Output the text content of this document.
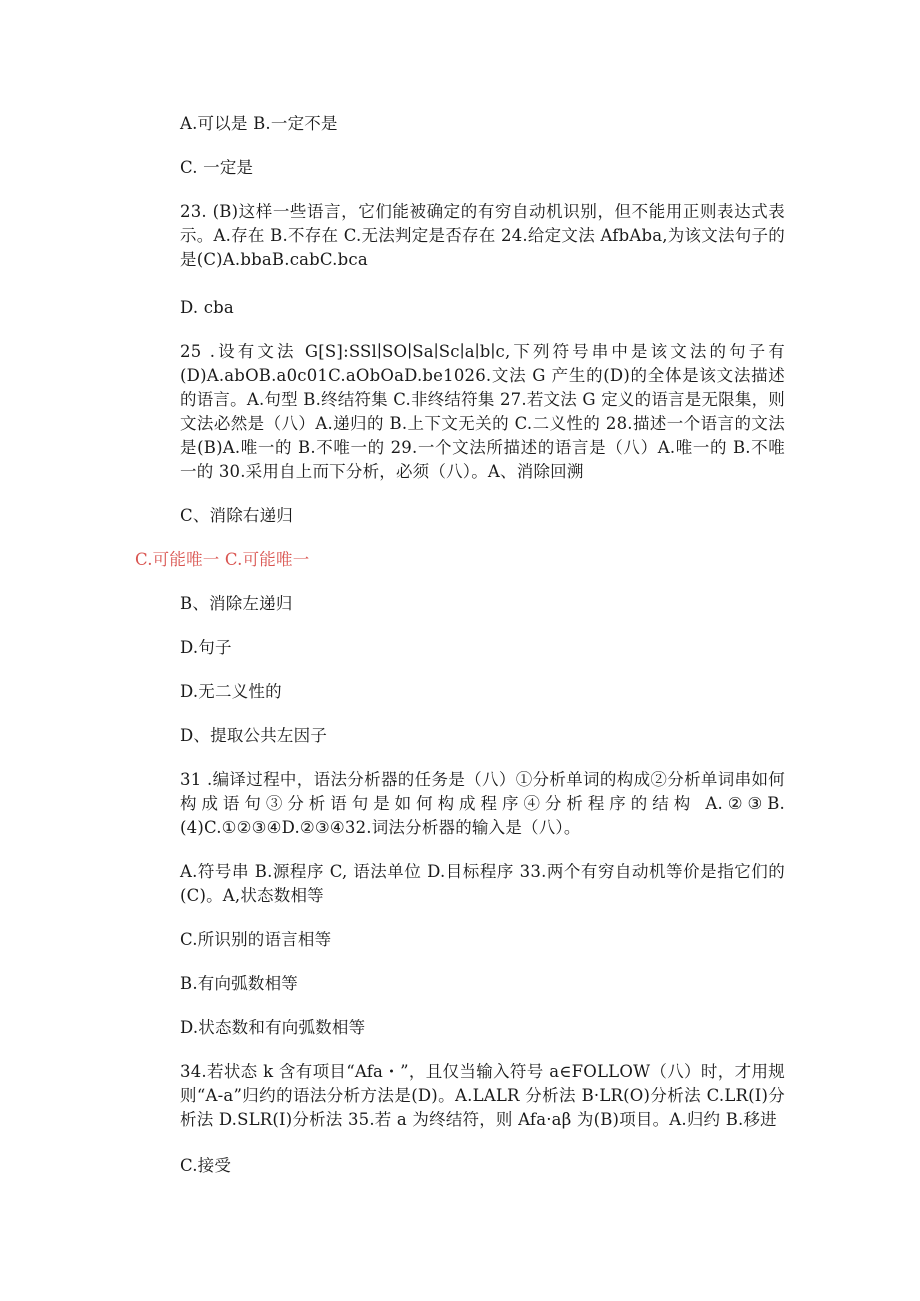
A.可以是 B.一定不是
C. 一定是
23. (B)这样一些语言，它们能被确定的有穷自动机识别，但不能用正则表达式表示。A.存在 B.不存在 C.无法判定是否存在 24.给定文法 AfbAba,为该文法句子的是(C)A.bbaB.cabC.bca
D. cba
25 .设有文法 G[S]:SSl∣SO∣Sa∣Sc∣a∣b∣c,下列符号串中是该文法的句子有(D)A.abOB.a0c01C.aObOaD.be1026.文法 G 产生的(D)的全体是该文法描述的语言。A.句型 B.终结符集 C.非终结符集 27.若文法 G 定义的语言是无限集，则文法必然是（八）A.递归的 B.上下文无关的 C.二义性的 28.描述一个语言的文法是(B)A.唯一的 B.不唯一的 29.一个文法所描述的语言是（八）A.唯一的 B.不唯一的 30.采用自上而下分析，必须（八）。A、消除回溯
C、消除右递归
C.可能唯一 C.可能唯一
B、消除左递归
D.句子
D.无二义性的
D、提取公共左因子
31 .编译过程中，语法分析器的任务是（八）①分析单词的构成②分析单词串如何构成语句③分析语句是如何构成程序④分析程序的结构 A.②③B.(4)C.①②③④D.②③④32.词法分析器的输入是（八）。
A.符号串 B.源程序 C, 语法单位 D.目标程序 33.两个有穷自动机等价是指它们的(C)。A,状态数相等
C.所识别的语言相等
B.有向弧数相等
D.状态数和有向弧数相等
34.若状态 k 含有项目“Afa・”，且仅当输入符号 a∈FOLLOW（八）时，才用规则“A-a”归约的语法分析方法是(D)。A.LALR 分析法 B·LR(O)分析法 C.LR(I)分析法 D.SLR(I)分析法 35.若 a 为终结符，则 Afa·aβ 为(B)项目。A.归约 B.移进
C.接受
